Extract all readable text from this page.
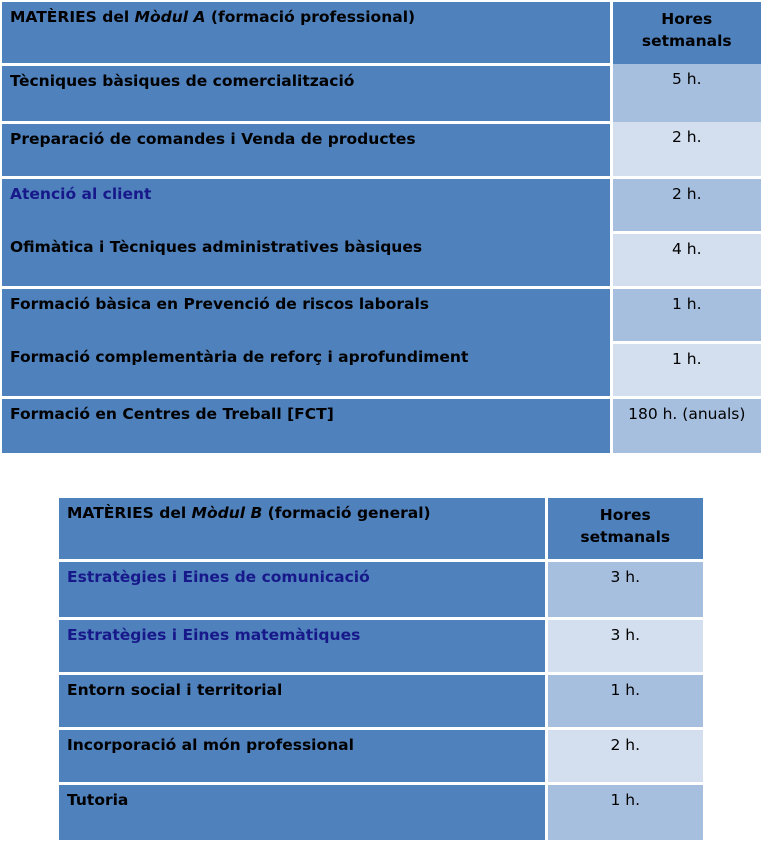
MATÈRIES del Mòdul A (formació professional)	Hores
setmanals
Tècniques bàsiques de comercialització	5 h.
Preparació de comandes i Venda de productes	2 h.
Atenció al client	2 h.
Ofimàtica i Tècniques administratives bàsiques	4 h.
Formació bàsica en Prevenció de riscos laborals	1 h.
Formació complementària de reforç i aprofundiment	1 h.
Formació en Centres de Treball [FCT]	180 h. (anuals)
MATÈRIES del Mòdul B (formació general)	Hores
setmanals
Estratègies i Eines de comunicació	3 h.
Estratègies i Eines matemàtiques	3 h.
Entorn social i territorial	1 h.
Incorporació al món professional	2 h.
Tutoria	1 h.
